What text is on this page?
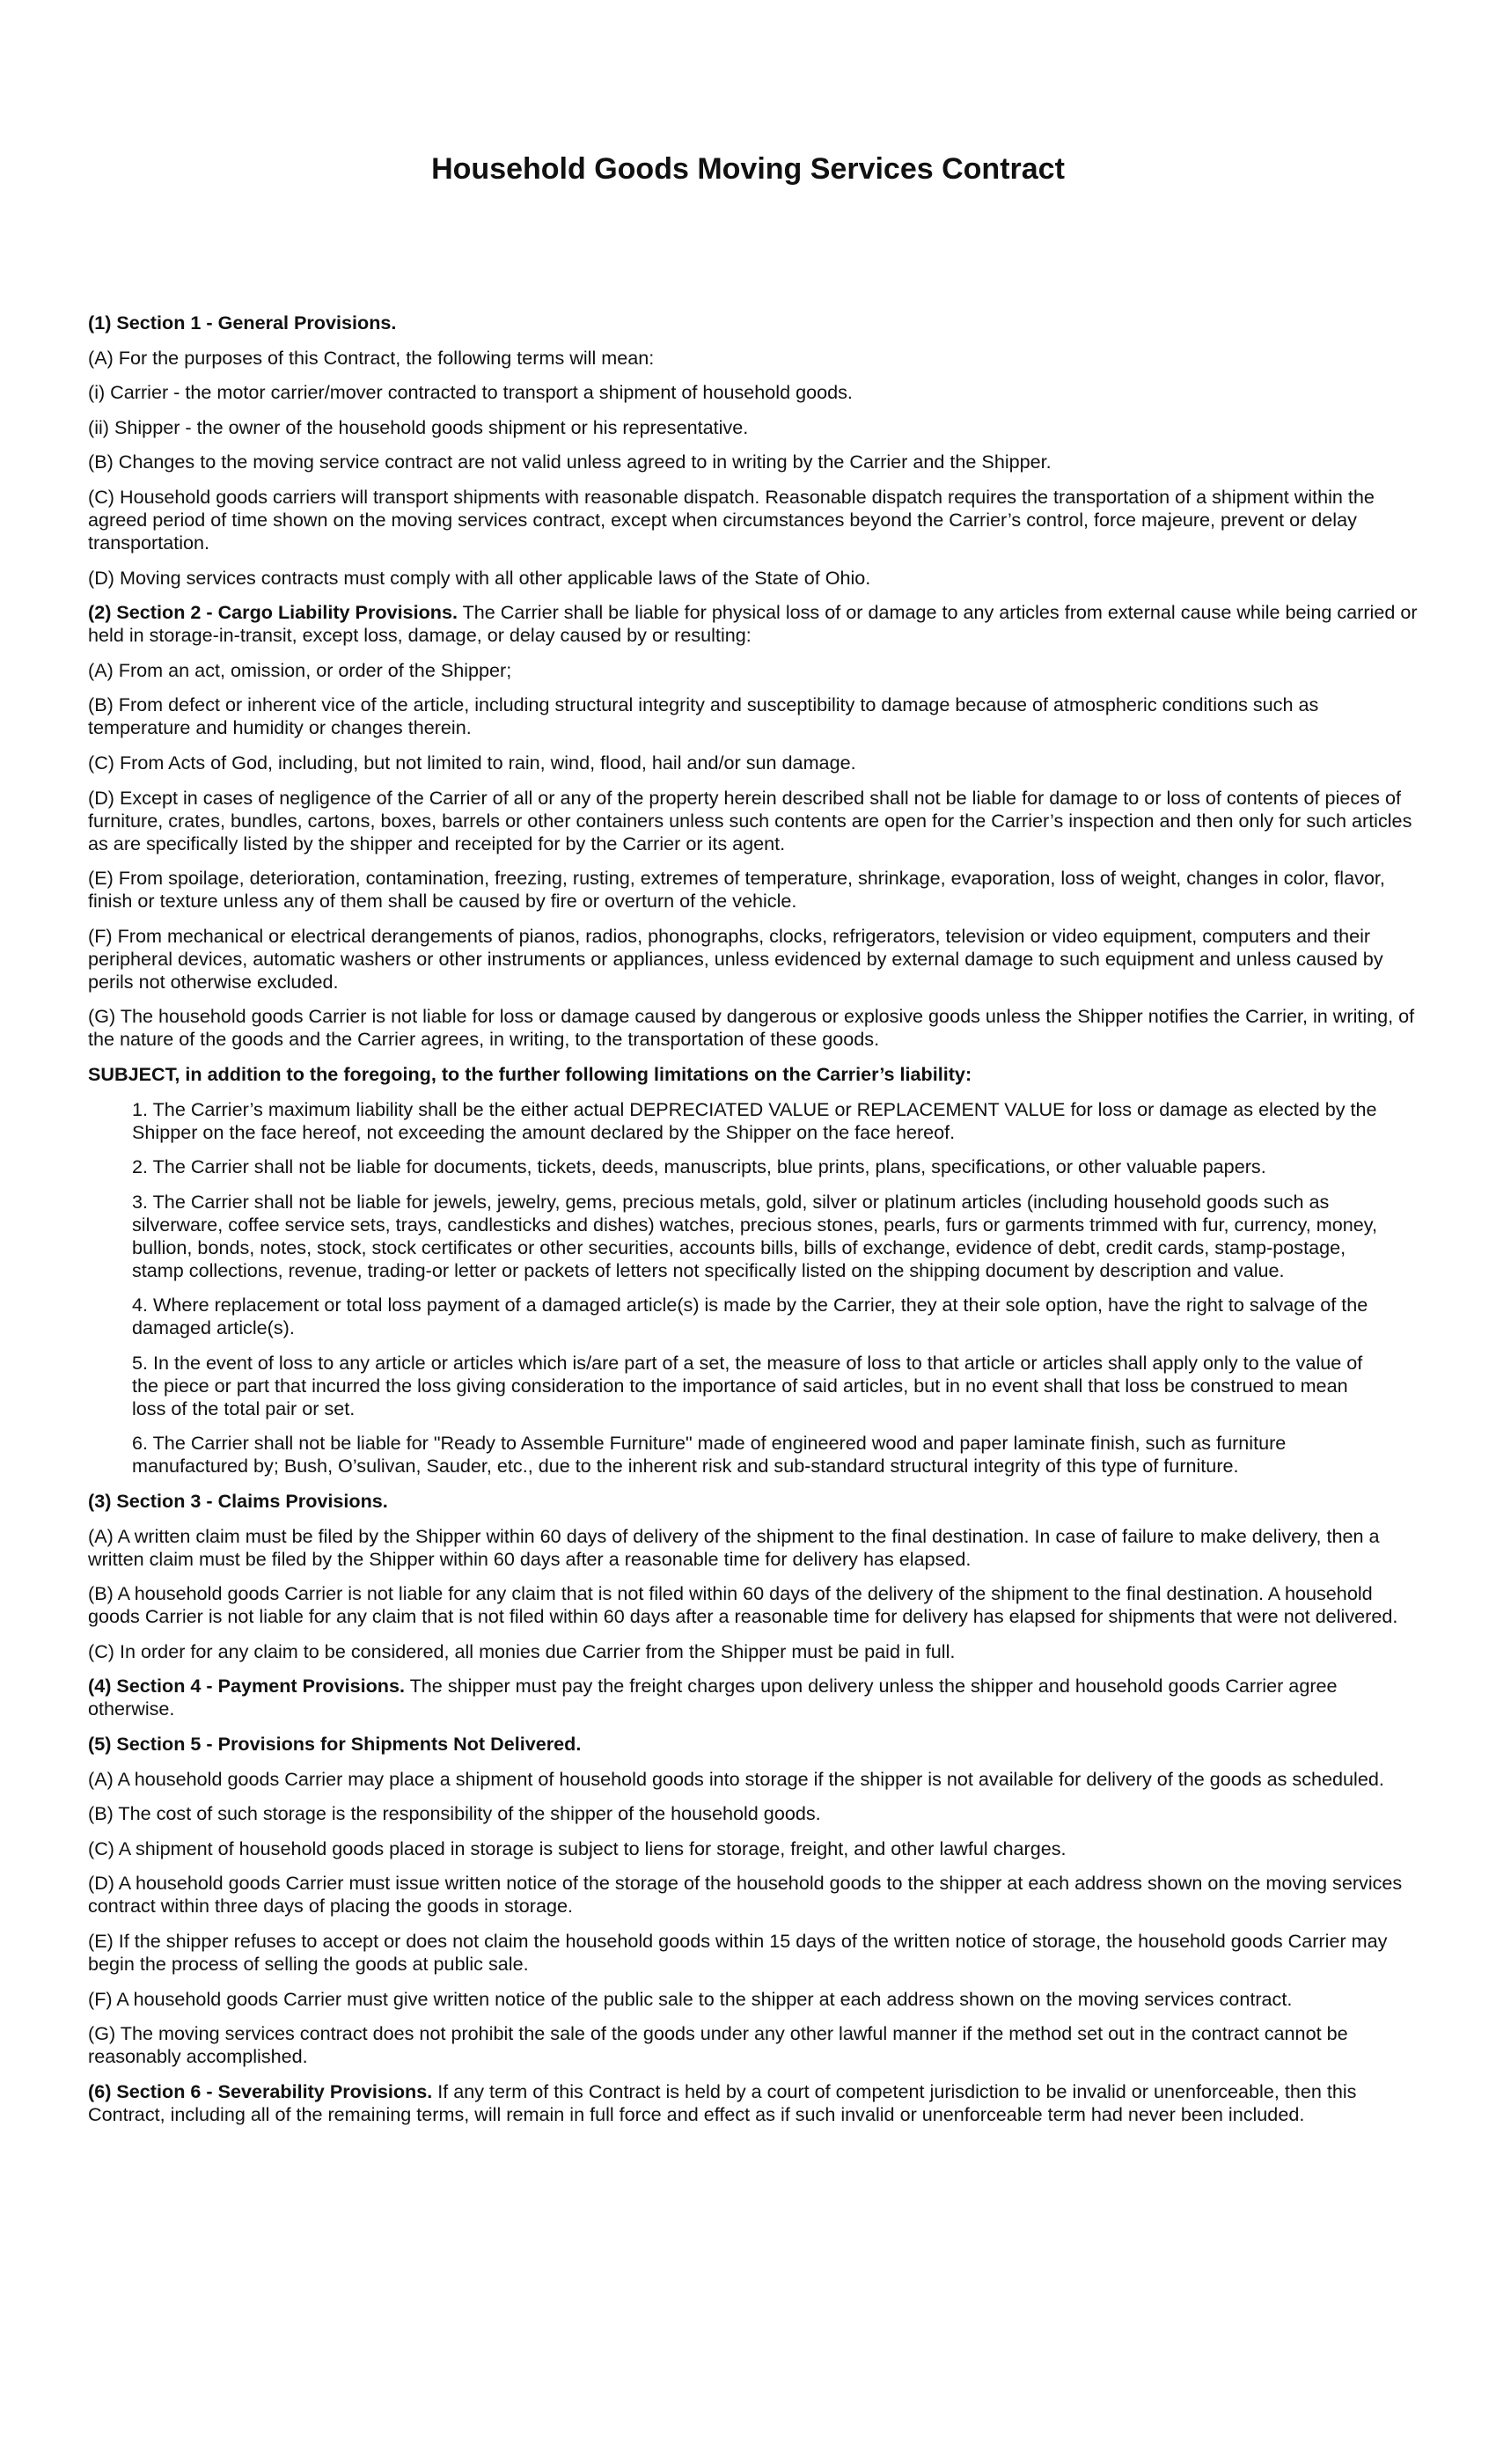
Household Goods Moving Services Contract

(1) Section 1 - General Provisions.

(A) For the purposes of this Contract, the following terms will mean:

(i) Carrier - the motor carrier/mover contracted to transport a shipment of household goods.

(ii) Shipper - the owner of the household goods shipment or his representative.

(B) Changes to the moving service contract are not valid unless agreed to in writing by the Carrier and the Shipper.

(C) Household goods carriers will transport shipments with reasonable dispatch. Reasonable dispatch requires the transportation of a shipment within the agreed period of time shown on the moving services contract, except when circumstances beyond the Carrier’s control, force majeure, prevent or delay transportation.

(D) Moving services contracts must comply with all other applicable laws of the State of Ohio.

(2) Section 2 - Cargo Liability Provisions. The Carrier shall be liable for physical loss of or damage to any articles from external cause while being carried or held in storage-in-transit, except loss, damage, or delay caused by or resulting:

(A) From an act, omission, or order of the Shipper;

(B) From defect or inherent vice of the article, including structural integrity and susceptibility to damage because of atmospheric conditions such as temperature and humidity or changes therein.

(C) From Acts of God, including, but not limited to rain, wind, flood, hail and/or sun damage.

(D) Except in cases of negligence of the Carrier of all or any of the property herein described shall not be liable for damage to or loss of contents of pieces of furniture, crates, bundles, cartons, boxes, barrels or other containers unless such contents are open for the Carrier’s inspection and then only for such articles as are specifically listed by the shipper and receipted for by the Carrier or its agent.

(E) From spoilage, deterioration, contamination, freezing, rusting, extremes of temperature, shrinkage, evaporation, loss of weight, changes in color, flavor, finish or texture unless any of them shall be caused by fire or overturn of the vehicle.

(F) From mechanical or electrical derangements of pianos, radios, phonographs, clocks, refrigerators, television or video equipment, computers and their peripheral devices, automatic washers or other instruments or appliances, unless evidenced by external damage to such equipment and unless caused by perils not otherwise excluded.

(G) The household goods Carrier is not liable for loss or damage caused by dangerous or explosive goods unless the Shipper notifies the Carrier, in writing, of the nature of the goods and the Carrier agrees, in writing, to the transportation of these goods.

SUBJECT, in addition to the foregoing, to the further following limitations on the Carrier’s liability:

1. The Carrier’s maximum liability shall be the either actual DEPRECIATED VALUE or REPLACEMENT VALUE for loss or damage as elected by the Shipper on the face hereof, not exceeding the amount declared by the Shipper on the face hereof.

2. The Carrier shall not be liable for documents, tickets, deeds, manuscripts, blue prints, plans, specifications, or other valuable papers.

3. The Carrier shall not be liable for jewels, jewelry, gems, precious metals, gold, silver or platinum articles (including household goods such as silverware, coffee service sets, trays, candlesticks and dishes) watches, precious stones, pearls, furs or garments trimmed with fur, currency, money, bullion, bonds, notes, stock, stock certificates or other securities, accounts bills, bills of exchange, evidence of debt, credit cards, stamp-postage, stamp collections, revenue, trading-or letter or packets of letters not specifically listed on the shipping document by description and value.

4. Where replacement or total loss payment of a damaged article(s) is made by the Carrier, they at their sole option, have the right to salvage of the damaged article(s).

5. In the event of loss to any article or articles which is/are part of a set, the measure of loss to that article or articles shall apply only to the value of the piece or part that incurred the loss giving consideration to the importance of said articles, but in no event shall that loss be construed to mean loss of the total pair or set.

6. The Carrier shall not be liable for "Ready to Assemble Furniture" made of engineered wood and paper laminate finish, such as furniture manufactured by; Bush, O’sulivan, Sauder, etc., due to the inherent risk and sub-standard structural integrity of this type of furniture.

(3) Section 3 - Claims Provisions.

(A) A written claim must be filed by the Shipper within 60 days of delivery of the shipment to the final destination. In case of failure to make delivery, then a written claim must be filed by the Shipper within 60 days after a reasonable time for delivery has elapsed.

(B) A household goods Carrier is not liable for any claim that is not filed within 60 days of the delivery of the shipment to the final destination. A household goods Carrier is not liable for any claim that is not filed within 60 days after a reasonable time for delivery has elapsed for shipments that were not delivered.

(C) In order for any claim to be considered, all monies due Carrier from the Shipper must be paid in full.

(4) Section 4 - Payment Provisions. The shipper must pay the freight charges upon delivery unless the shipper and household goods Carrier agree otherwise.

(5) Section 5 - Provisions for Shipments Not Delivered.

(A) A household goods Carrier may place a shipment of household goods into storage if the shipper is not available for delivery of the goods as scheduled.

(B) The cost of such storage is the responsibility of the shipper of the household goods.

(C) A shipment of household goods placed in storage is subject to liens for storage, freight, and other lawful charges.

(D) A household goods Carrier must issue written notice of the storage of the household goods to the shipper at each address shown on the moving services contract within three days of placing the goods in storage.

(E) If the shipper refuses to accept or does not claim the household goods within 15 days of the written notice of storage, the household goods Carrier may begin the process of selling the goods at public sale.

(F) A household goods Carrier must give written notice of the public sale to the shipper at each address shown on the moving services contract.

(G) The moving services contract does not prohibit the sale of the goods under any other lawful manner if the method set out in the contract cannot be reasonably accomplished.

(6) Section 6 - Severability Provisions. If any term of this Contract is held by a court of competent jurisdiction to be invalid or unenforceable, then this Contract, including all of the remaining terms, will remain in full force and effect as if such invalid or unenforceable term had never been included.
